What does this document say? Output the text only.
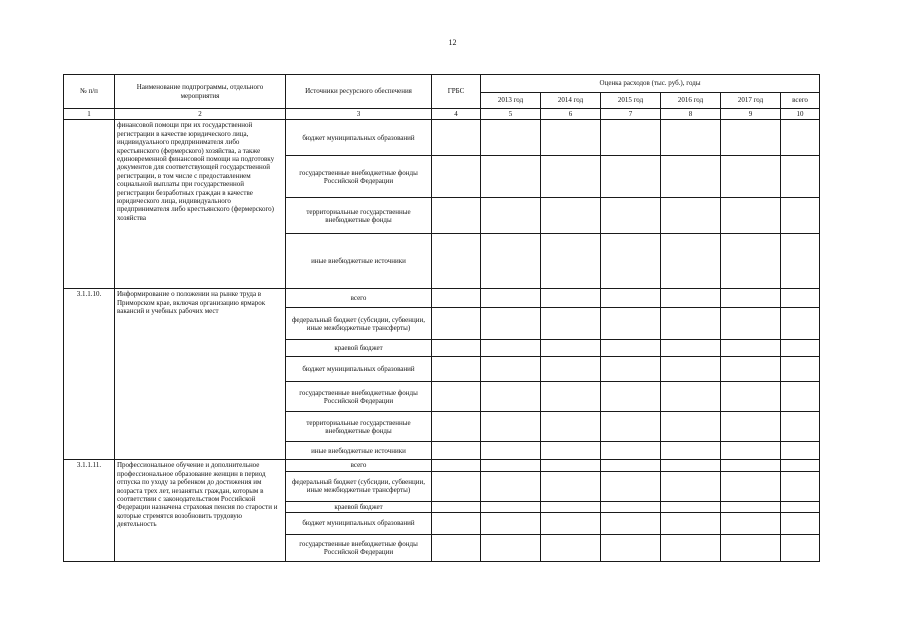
12
№ п/п	Наименование подпрограммы, отдельного мероприятия	Источники ресурсного обеспечения	ГРБС	Оценка расходов (тыс. руб.), годы					
				2013 год	2014 год	2015 год	2016 год	2017 год	всего
1	2	3	4	5	6	7	8	9	10
	финансовой помощи при их государственной регистрации в качестве юридического лица, индивидуального предпринимателя либо крестьянского (фермерского) хозяйства, а также единовременной финансовой помощи на подготовку документов для соответствующей государственной регистрации, в том числе с предоставлением социальной выплаты при государственной регистрации безработных граждан в качестве юридического лица, индивидуального предпринимателя либо крестьянского (фермерского) хозяйства	бюджет муниципальных образований							
		государственные внебюджетные фонды Российской Федерации							
		территориальные государственные внебюджетные фонды							
		иные внебюджетные источники							
3.1.1.10.	Информирование о положении на рынке труда в Приморском крае, включая организацию ярмарок вакансий и учебных рабочих мест	всего							
		федеральный бюджет (субсидии, субвенции, иные межбюджетные трансферты)							
		краевой бюджет							
		бюджет муниципальных образований							
		государственные внебюджетные фонды Российской Федерации							
		территориальные государственные внебюджетные фонды							
		иные внебюджетные источники							
3.1.1.11.	Профессиональное обучение и дополнительное профессиональное образование женщин в период отпуска по уходу за ребенком до достижения им возраста трех лет, незанятых граждан, которым в соответствии с законодательством Российской Федерации назначена страховая пенсия по старости и которые стремятся возобновить трудовую деятельность	всего							
		федеральный бюджет (субсидии, субвенции, иные межбюджетные трансферты)							
		краевой бюджет							
		бюджет муниципальных образований							
		государственные внебюджетные фонды Российской Федерации							
